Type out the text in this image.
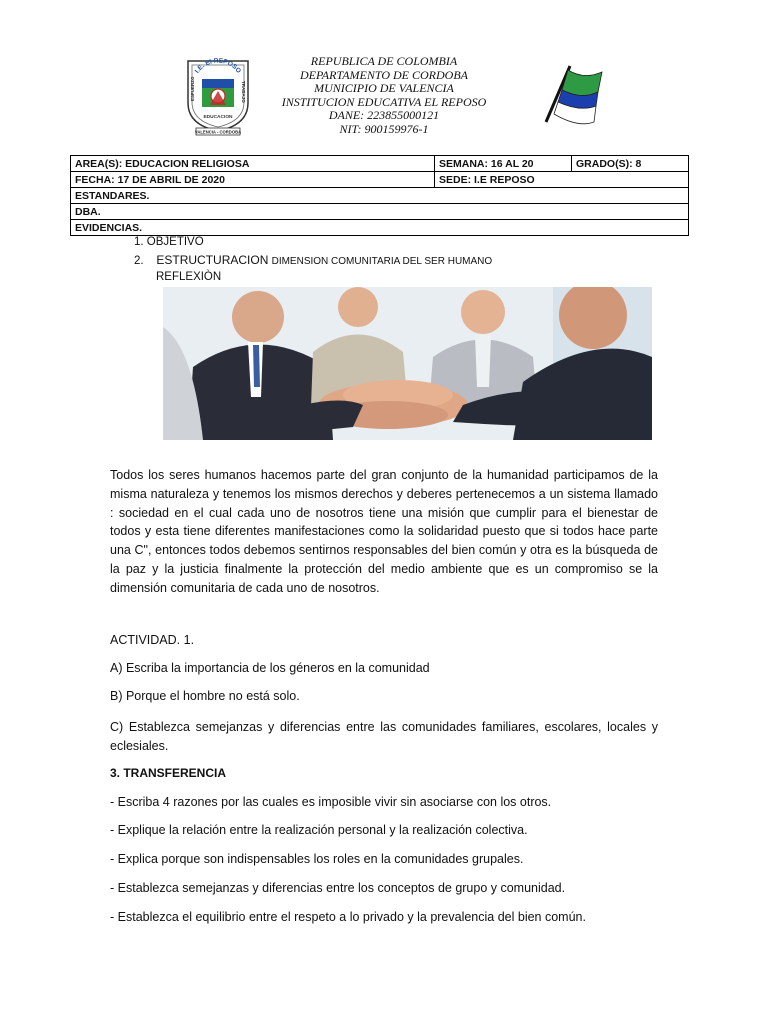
I.E. El REPOSO
ESFUERZO	TRABAJO
EDUCACION
VALENCIA - CORDOBA
REPUBLICA DE COLOMBIA
DEPARTAMENTO DE CORDOBA
MUNICIPIO DE VALENCIA
INSTITUCION EDUCATIVA EL REPOSO
DANE: 223855000121
NIT: 900159976-1
AREA(S): EDUCACION RELIGIOSA	SEMANA: 16 AL 20	GRADO(S): 8
FECHA: 17 DE ABRIL DE 2020	SEDE: I.E REPOSO	
ESTANDARES.		
DBA.		
EVIDENCIAS.		
1. OBJETIVO
2. ESTRUCTURACION DIMENSION COMUNITARIA DEL SER HUMANO
REFLEXIÒN
Todos los seres humanos hacemos parte del gran conjunto de la humanidad participamos de la misma naturaleza y tenemos los mismos derechos y deberes pertenecemos a un sistema llamado : sociedad en el cual cada uno de nosotros tiene una misión que cumplir para el bienestar de todos y esta tiene diferentes manifestaciones como la solidaridad puesto que si todos hace parte una C", entonces todos debemos sentirnos responsables del bien común y otra es la búsqueda de la paz y la justicia finalmente la protección del medio ambiente que es un compromiso se la dimensión comunitaria de cada uno de nosotros.
ACTIVIDAD. 1.
A) Escriba la importancia de los géneros en la comunidad
B) Porque el hombre no está solo.
C) Establezca semejanzas y diferencias entre las comunidades familiares, escolares, locales y eclesiales.
3. TRANSFERENCIA
- Escriba 4 razones por las cuales es imposible vivir sin asociarse con los otros.
- Explique la relación entre la realización personal y la realización colectiva.
- Explica porque son indispensables los roles en la comunidades grupales.
- Establezca semejanzas y diferencias entre los conceptos de grupo y comunidad.
- Establezca el equilibrio entre el respeto a lo privado y la prevalencia del bien común.
